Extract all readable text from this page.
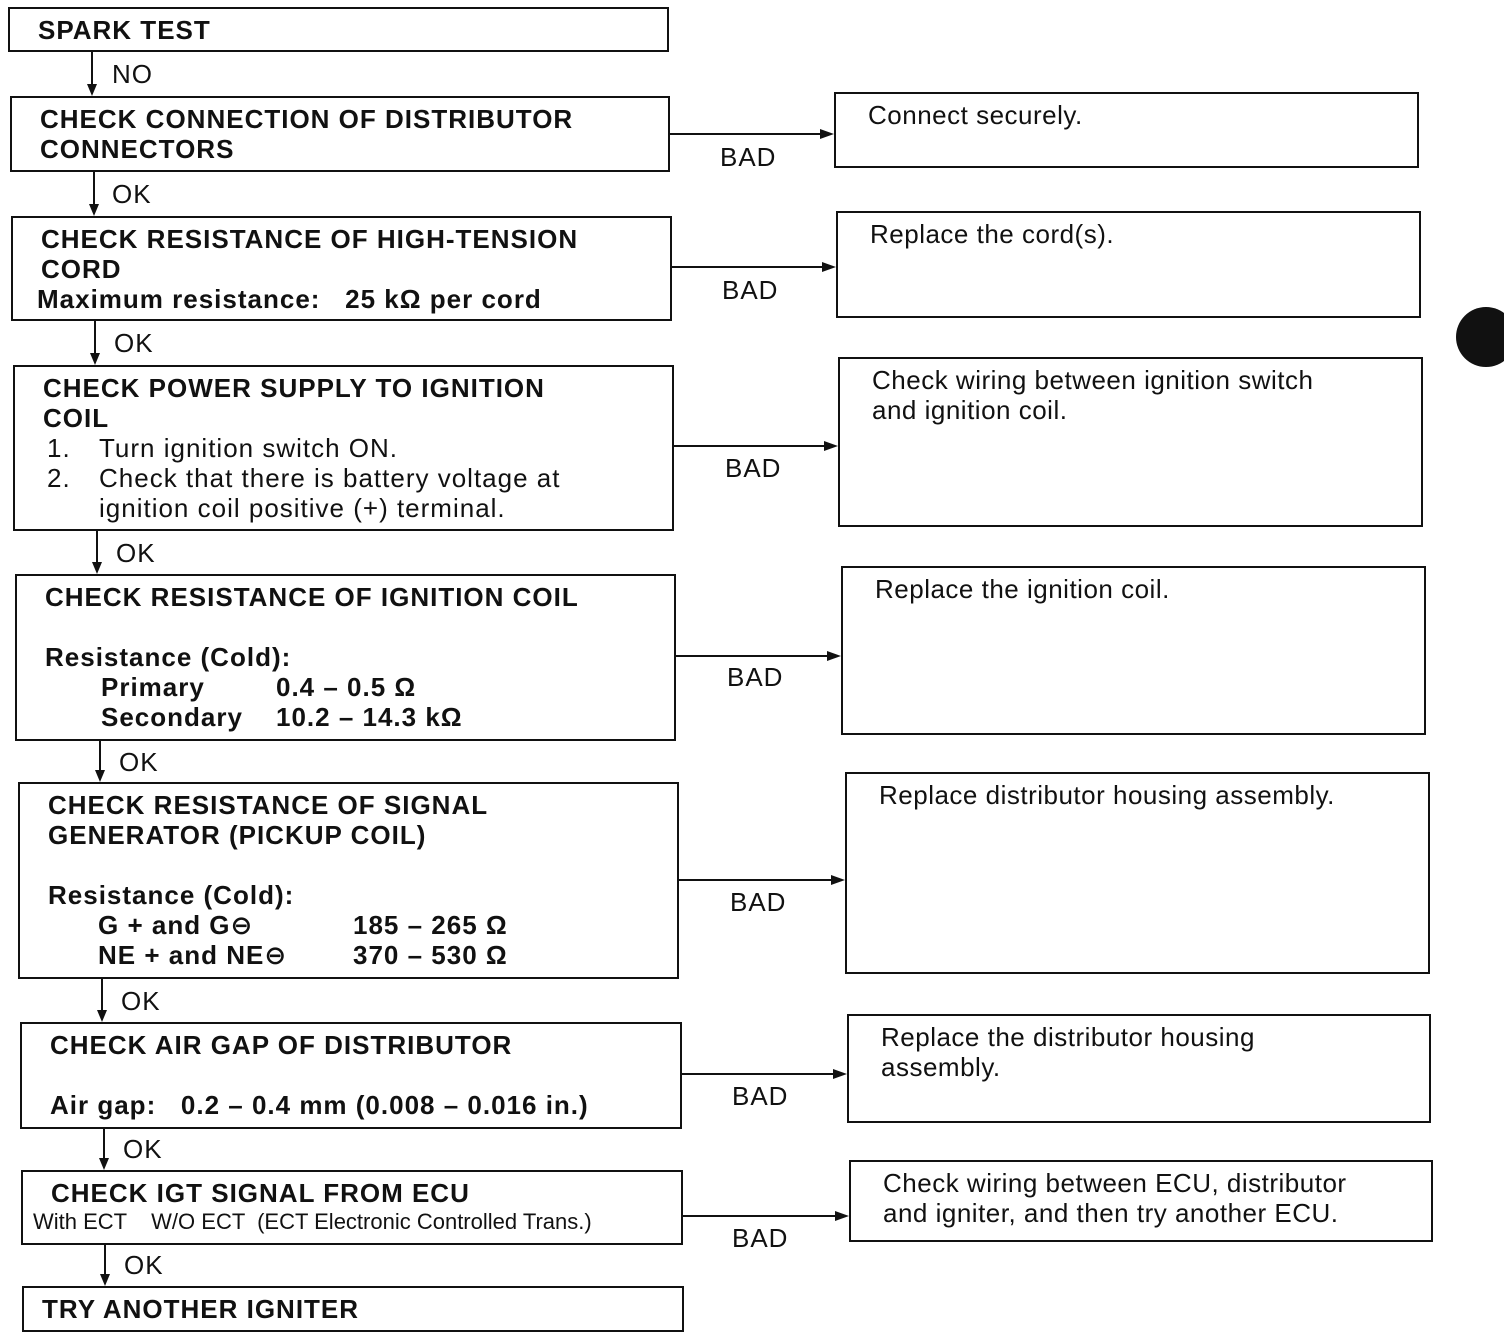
SPARK TEST
CHECK CONNECTION OF DISTRIBUTOR
CONNECTORS
CHECK RESISTANCE OF HIGH-TENSION
CORD
Maximum resistance:   25 kΩ per cord
CHECK POWER SUPPLY TO IGNITION
COIL
1. Turn ignition switch ON.
2. Check that there is battery voltage at
ignition coil positive (+) terminal.
CHECK RESISTANCE OF IGNITION COIL
Resistance (Cold):
Primary	0.4 – 0.5 Ω
Secondary 10.2 – 14.3 kΩ
CHECK RESISTANCE OF SIGNAL
GENERATOR (PICKUP COIL)
Resistance (Cold):
G + and G⊖	185 – 265 Ω
NE + and NE⊖	370 – 530 Ω
CHECK AIR GAP OF DISTRIBUTOR
Air gap:   0.2 – 0.4 mm (0.008 – 0.016 in.)
CHECK IGT SIGNAL FROM ECU
With ECT    W/O ECT  (ECT Electronic Controlled Trans.)
TRY ANOTHER IGNITER
Connect securely.
Replace the cord(s).
Check wiring between ignition switch
and ignition coil.
Replace the ignition coil.
Replace distributor housing assembly.
Replace the distributor housing
assembly.
Check wiring between ECU, distributor
and igniter, and then try another ECU.
NO
OK
OK
OK
OK
OK
OK
OK
BAD
BAD
BAD
BAD
BAD
BAD
BAD
